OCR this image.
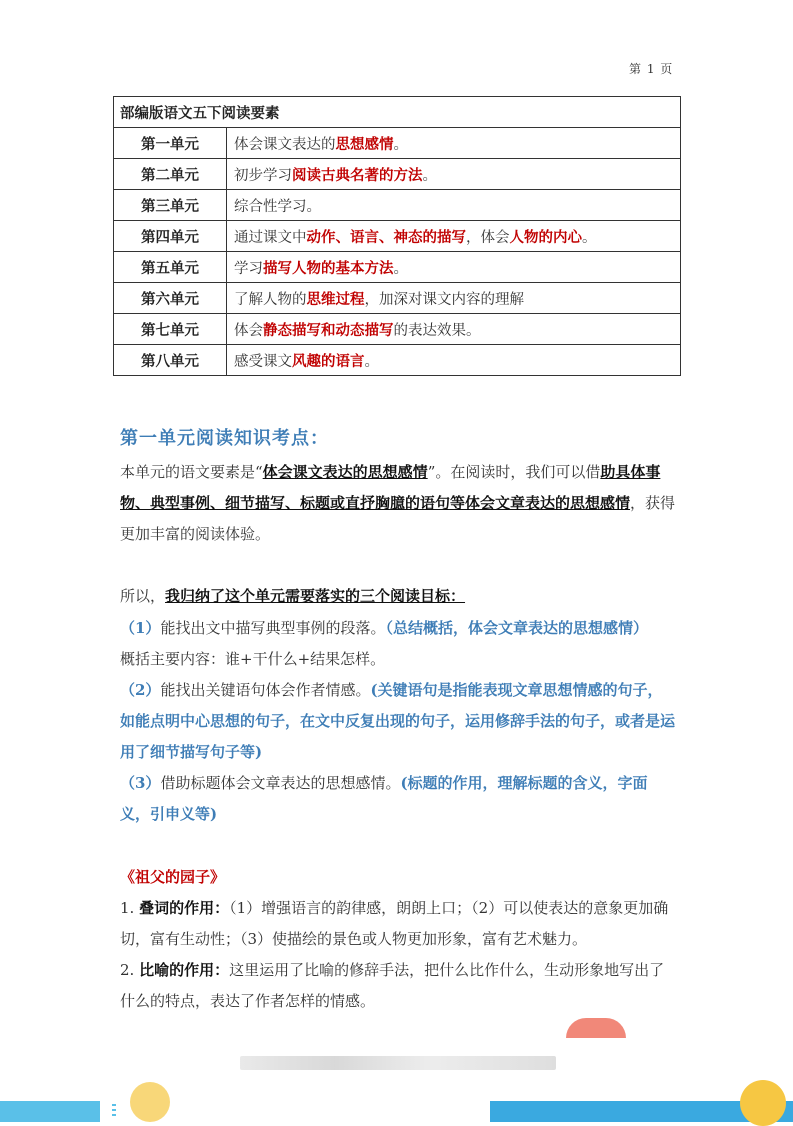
第 1 页
部编版语文五下阅读要素	
第一单元	体会课文表达的思想感情。
第二单元	初步学习阅读古典名著的方法。
第三单元	综合性学习。
第四单元	通过课文中动作、语言、神态的描写，体会人物的内心。
第五单元	学习描写人物的基本方法。
第六单元	了解人物的思维过程，加深对课文内容的理解
第七单元	体会静态描写和动态描写的表达效果。
第八单元	感受课文风趣的语言。
第一单元阅读知识考点：
本单元的语文要素是“体会课文表达的思想感情”。在阅读时，我们可以借助具体事物、典型事例、细节描写、标题或直抒胸臆的语句等体会文章表达的思想感情，获得更加丰富的阅读体验。
所以，我归纳了这个单元需要落实的三个阅读目标：
（1）能找出文中描写典型事例的段落。（总结概括，体会文章表达的思想感情）
概括主要内容：谁+干什么+结果怎样。
（2）能找出关键语句体会作者情感。(关键语句是指能表现文章思想情感的句子，如能点明中心思想的句子，在文中反复出现的句子，运用修辞手法的句子，或者是运用了细节描写句子等)
（3）借助标题体会文章表达的思想感情。(标题的作用，理解标题的含义，字面义，引申义等)
《祖父的园子》
1. 叠词的作用：（1）增强语言的韵律感，朗朗上口；（2）可以使表达的意象更加确切，富有生动性；（3）使描绘的景色或人物更加形象，富有艺术魅力。
2. 比喻的作用：这里运用了比喻的修辞手法，把什么比作什么，生动形象地写出了什么的特点，表达了作者怎样的情感。
